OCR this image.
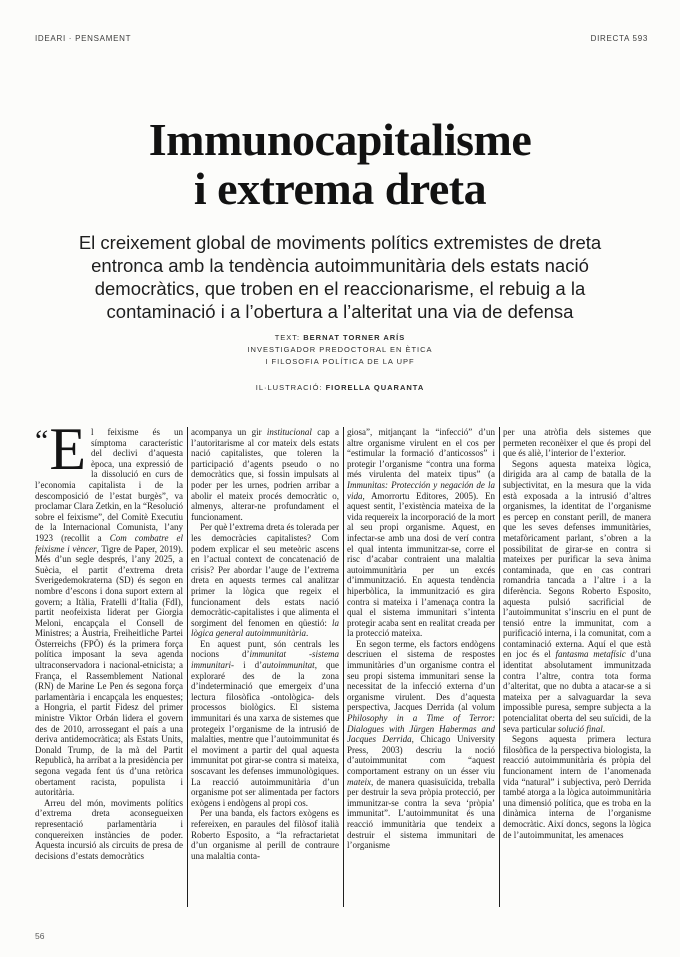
IDEARI · PENSAMENT	DIRECTA 593
Immunocapitalisme
i extrema dreta

El creixement global de moviments polítics extremistes de dreta entronca amb la tendència autoimmunitària dels estats nació democràtics, que troben en el reaccionarisme, el rebuig a la contaminació i a l’obertura a l’alteritat una via de defensa

TEXT: BERNAT TORNER ARÍS
INVESTIGADOR PREDOCTORAL EN ÈTICA
I FILOSOFIA POLÍTICA DE LA UPF
IL·LUSTRACIÓ: FIORELLA QUARANTA

“ E l feixisme és un símptoma característic del declivi d’aquesta època, una expressió de la dissolució en curs de l’economia capitalista i de la descomposició de l’estat burgès”, va proclamar Clara Zetkin, en la “Resolució sobre el feixisme”, del Comitè Executiu de la Internacional Comunista, l’any 1923 (recollit a Com combatre el feixisme i vèncer, Tigre de Paper, 2019). Més d’un segle després, l’any 2025, a Suècia, el partit d’extrema dreta Sverigedemokraterna (SD) és segon en nombre d’escons i dona suport extern al govern; a Itàlia, Fratelli d’Italia (FdI), partit neofeixista liderat per Giorgia Meloni, encapçala el Consell de Ministres; a Àustria, Freiheitliche Partei Österreichs (FPÖ) és la primera força política imposant la seva agenda ultraconservadora i nacional-etnicista; a França, el Rassemblement National (RN) de Marine Le Pen és segona força parlamentària i encapçala les enquestes; a Hongria, el partit Fidesz del primer ministre Viktor Orbán lidera el govern des de 2010, arrossegant el país a una deriva antidemocràtica; als Estats Units, Donald Trump, de la mà del Partit Republicà, ha arribat a la presidència per segona vegada fent ús d’una retòrica obertament racista, populista i autoritària.

Arreu del món, moviments polítics d’extrema dreta aconsegueixen representació parlamentària i conquereixen instàncies de poder. Aquesta incursió als circuits de presa de decisions d’estats democràtics

acompanya un gir institucional cap a l’autoritarisme al cor mateix dels estats nació capitalistes, que toleren la participació d’agents pseudo o no democràtics que, si fossin impulsats al poder per les urnes, podrien arribar a abolir el mateix procés democràtic o, almenys, alterar-ne profundament el funcionament.

Per què l’extrema dreta és tolerada per les democràcies capitalistes? Com podem explicar el seu meteòric ascens en l’actual context de concatenació de crisis? Per abordar l’auge de l’extrema dreta en aquests termes cal analitzar primer la lògica que regeix el funcionament dels estats nació democràtic-capitalistes i que alimenta el sorgiment del fenomen en qüestió: la lògica general autoimmunitària.

En aquest punt, són centrals les nocions d’immunitat -sistema immunitari- i d’autoimmunitat, que exploraré des de la zona d’indeterminació que emergeix d’una lectura filosòfica -ontològica- dels processos biològics. El sistema immunitari és una xarxa de sistemes que protegeix l’organisme de la intrusió de malalties, mentre que l’autoimmunitat és el moviment a partir del qual aquesta immunitat pot girar-se contra si mateixa, soscavant les defenses immunològiques. La reacció autoimmunitària d’un organisme pot ser alimentada per factors exògens i endògens al propi cos.

Per una banda, els factors exògens es refereixen, en paraules del filòsof italià Roberto Esposito, a “la refractarietat d’un organisme al perill de contraure una malaltia conta-

giosa”, mitjançant la “infecció” d’un altre organisme virulent en el cos per “estimular la formació d’anticossos” i protegir l’organisme “contra una forma més virulenta del mateix tipus” (a Immunitas: Protección y negación de la vida, Amorrortu Editores, 2005). En aquest sentit, l’existència mateixa de la vida requereix la incorporació de la mort al seu propi organisme. Aquest, en infectar-se amb una dosi de verí contra el qual intenta immunitzar-se, corre el risc d’acabar contraient una malaltia autoimmunitària per un excés d’immunització. En aquesta tendència hiperbòlica, la immunització es gira contra si mateixa i l’amenaça contra la qual el sistema immunitari s’intenta protegir acaba sent en realitat creada per la protecció mateixa.

En segon terme, els factors endògens descriuen el sistema de respostes immunitàries d’un organisme contra el seu propi sistema immunitari sense la necessitat de la infecció externa d’un organisme virulent. Des d’aquesta perspectiva, Jacques Derrida (al volum Philosophy in a Time of Terror: Dialogues with Jürgen Habermas and Jacques Derrida, Chicago University Press, 2003) descriu la noció d’autoimmunitat com “aquest comportament estrany on un ésser viu mateix, de manera quasisuïcida, treballa per destruir la seva pròpia protecció, per immunitzar-se contra la seva ‘pròpia’ immunitat”. L’autoimmunitat és una reacció immunitària que tendeix a destruir el sistema immunitari de l’organisme

per una atròfia dels sistemes que permeten reconèixer el que és propi del que és aliè, l’interior de l’exterior.

Segons aquesta mateixa lògica, dirigida ara al camp de batalla de la subjectivitat, en la mesura que la vida està exposada a la intrusió d’altres organismes, la identitat de l’organisme es percep en constant perill, de manera que les seves defenses immunitàries, metafòricament parlant, s’obren a la possibilitat de girar-se en contra si mateixes per purificar la seva ànima contaminada, que en cas contrari romandria tancada a l’altre i a la diferència. Segons Roberto Esposito, aquesta pulsió sacrificial de l’autoimmunitat s’inscriu en el punt de tensió entre la immunitat, com a purificació interna, i la comunitat, com a contaminació externa. Aquí el que està en joc és el fantasma metafísic d’una identitat absolutament immunitzada contra l’altre, contra tota forma d’alteritat, que no dubta a atacar-se a si mateixa per a salvaguardar la seva impossible puresa, sempre subjecta a la potencialitat oberta del seu suïcidi, de la seva particular solució final.

Segons aquesta primera lectura filosòfica de la perspectiva biologista, la reacció autoimmunitària és pròpia del funcionament intern de l’anomenada vida “natural” i subjectiva, però Derrida també atorga a la lògica autoimmunitària una dimensió política, que es troba en la dinàmica interna de l’organisme democràtic. Així doncs, segons la lògica de l’autoimmunitat, les amenaces

56
